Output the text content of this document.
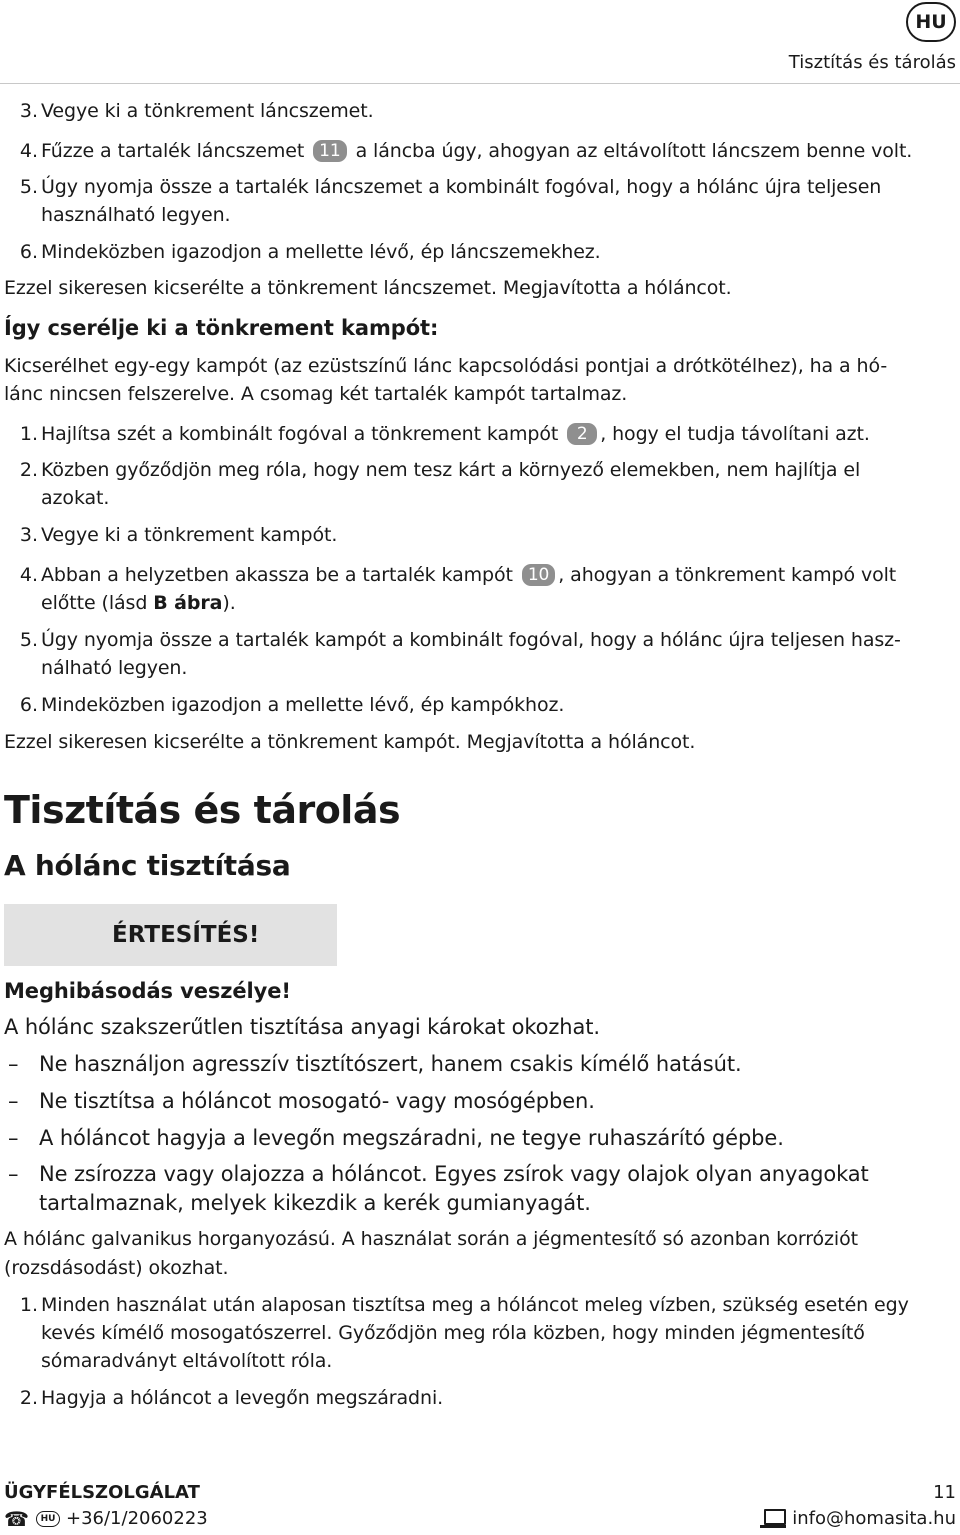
HU
Tisztítás és tárolás
3. Vegye ki a tönkrement láncszemet.
4. Fűzze a tartalék láncszemet 11 a láncba úgy, ahogyan az eltávolított láncszem benne volt.
5. Úgy nyomja össze a tartalék láncszemet a kombinált fogóval, hogy a hólánc újra teljesen
használható legyen.
6. Mindeközben igazodjon a mellette lévő, ép láncszemekhez.
Ezzel sikeresen kicserélte a tönkrement láncszemet. Megjavította a hóláncot.
Így cserélje ki a tönkrement kampót:
Kicserélhet egy-egy kampót (az ezüstszínű lánc kapcsolódási pontjai a drótkötélhez), ha a hó-
lánc nincsen felszerelve. A csomag két tartalék kampót tartalmaz.
1. Hajlítsa szét a kombinált fogóval a tönkrement kampót 2 , hogy el tudja távolítani azt.
2. Közben győződjön meg róla, hogy nem tesz kárt a környező elemekben, nem hajlítja el
azokat.
3. Vegye ki a tönkrement kampót.
4. Abban a helyzetben akassza be a tartalék kampót 10 , ahogyan a tönkrement kampó volt
előtte (lásd B ábra).
5. Úgy nyomja össze a tartalék kampót a kombinált fogóval, hogy a hólánc újra teljesen hasz-
nálható legyen.
6. Mindeközben igazodjon a mellette lévő, ép kampókhoz.
Ezzel sikeresen kicserélte a tönkrement kampót. Megjavította a hóláncot.
Tisztítás és tárolás
A hólánc tisztítása
ÉRTESÍTÉS!
Meghibásodás veszélye!
A hólánc szakszerűtlen tisztítása anyagi károkat okozhat.
– Ne használjon agresszív tisztítószert, hanem csakis kímélő hatásút.
– Ne tisztítsa a hóláncot mosogató- vagy mosógépben.
– A hóláncot hagyja a levegőn megszáradni, ne tegye ruhaszárító gépbe.
– Ne zsírozza vagy olajozza a hóláncot. Egyes zsírok vagy olajok olyan anyagokat
tartalmaznak, melyek kikezdik a kerék gumianyagát.
A hólánc galvanikus horganyozású. A használat során a jégmentesítő só azonban korróziót
(rozsdásodást) okozhat.
1. Minden használat után alaposan tisztítsa meg a hóláncot meleg vízben, szükség esetén egy
kevés kímélő mosogatószerrel. Győződjön meg róla közben, hogy minden jégmentesítő
sómaradványt eltávolított róla.
2. Hagyja a hóláncot a levegőn megszáradni.
ÜGYFÉLSZOLGÁLAT	11
☎	HU +36/1/2060223	info@homasita.hu
